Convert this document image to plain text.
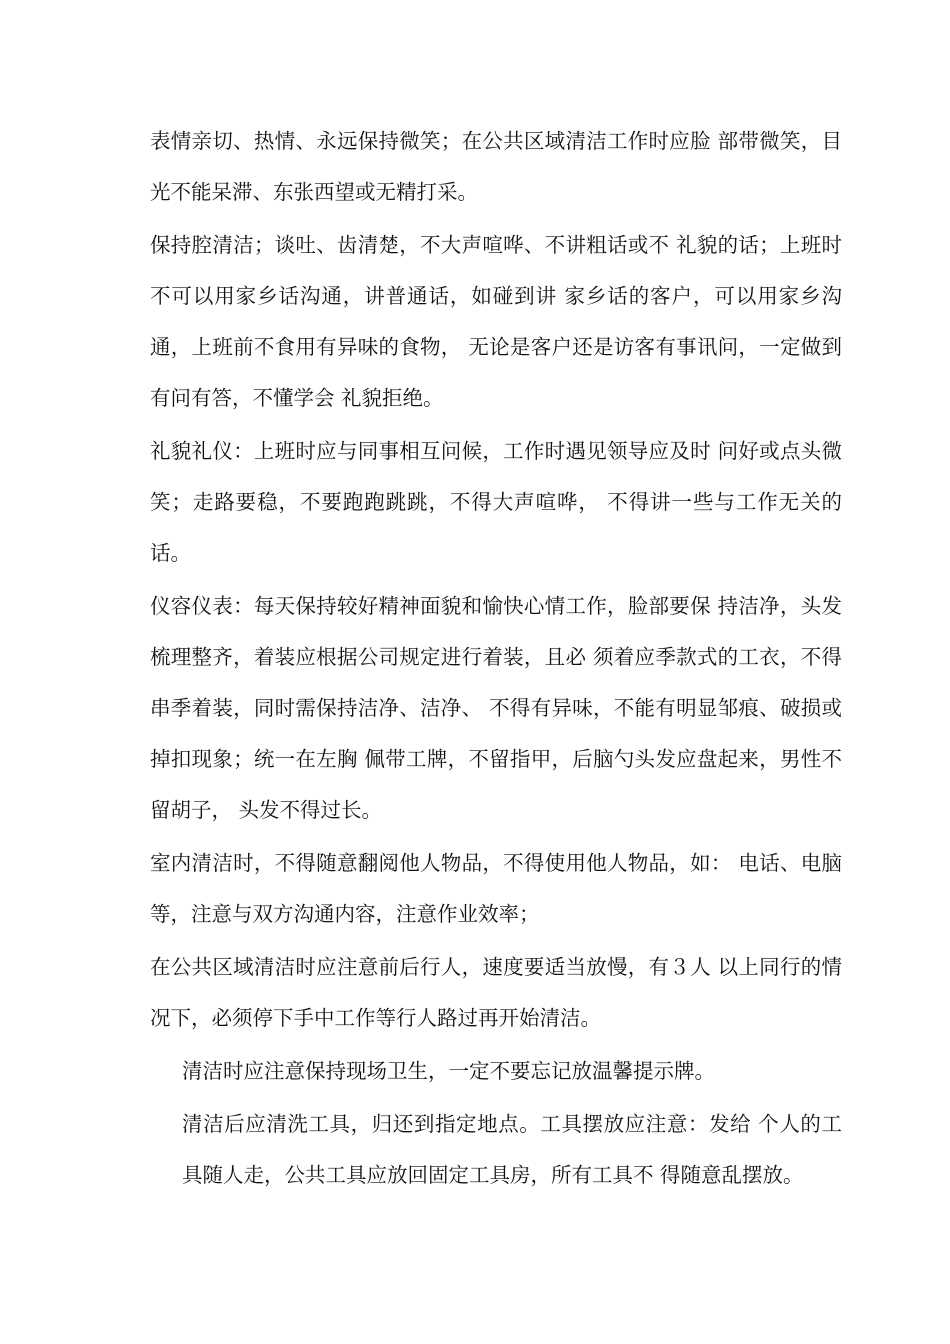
表情亲切、热情、永远保持微笑；在公共区域清洁工作时应脸 部带微笑，目光不能呆滞、东张西望或无精打采。

保持腔清洁；谈吐、齿清楚，不大声喧哗、不讲粗话或不 礼貌的话；上班时不可以用家乡话沟通，讲普通话，如碰到讲 家乡话的客户，可以用家乡沟通，上班前不食用有异味的食物， 无论是客户还是访客有事讯问，一定做到有问有答，不懂学会 礼貌拒绝。

礼貌礼仪：上班时应与同事相互问候，工作时遇见领导应及时 问好或点头微笑；走路要稳，不要跑跑跳跳，不得大声喧哗， 不得讲一些与工作无关的话。

仪容仪表：每天保持较好精神面貌和愉快心情工作，脸部要保 持洁净，头发梳理整齐，着装应根据公司规定进行着装，且必 须着应季款式的工衣，不得串季着装，同时需保持洁净、洁净、 不得有异味，不能有明显邹痕、破损或掉扣现象；统一在左胸 佩带工牌，不留指甲，后脑勺头发应盘起来，男性不留胡子， 头发不得过长。

室内清洁时，不得随意翻阅他人物品，不得使用他人物品，如： 电话、电脑等，注意与双方沟通内容，注意作业效率；

在公共区域清洁时应注意前后行人，速度要适当放慢，有３人 以上同行的情况下，必须停下手中工作等行人路过再开始清洁。

清洁时应注意保持现场卫生，一定不要忘记放温馨提示牌。

清洁后应清洗工具，归还到指定地点。工具摆放应注意：发给 个人的工具随人走，公共工具应放回固定工具房，所有工具不 得随意乱摆放。
